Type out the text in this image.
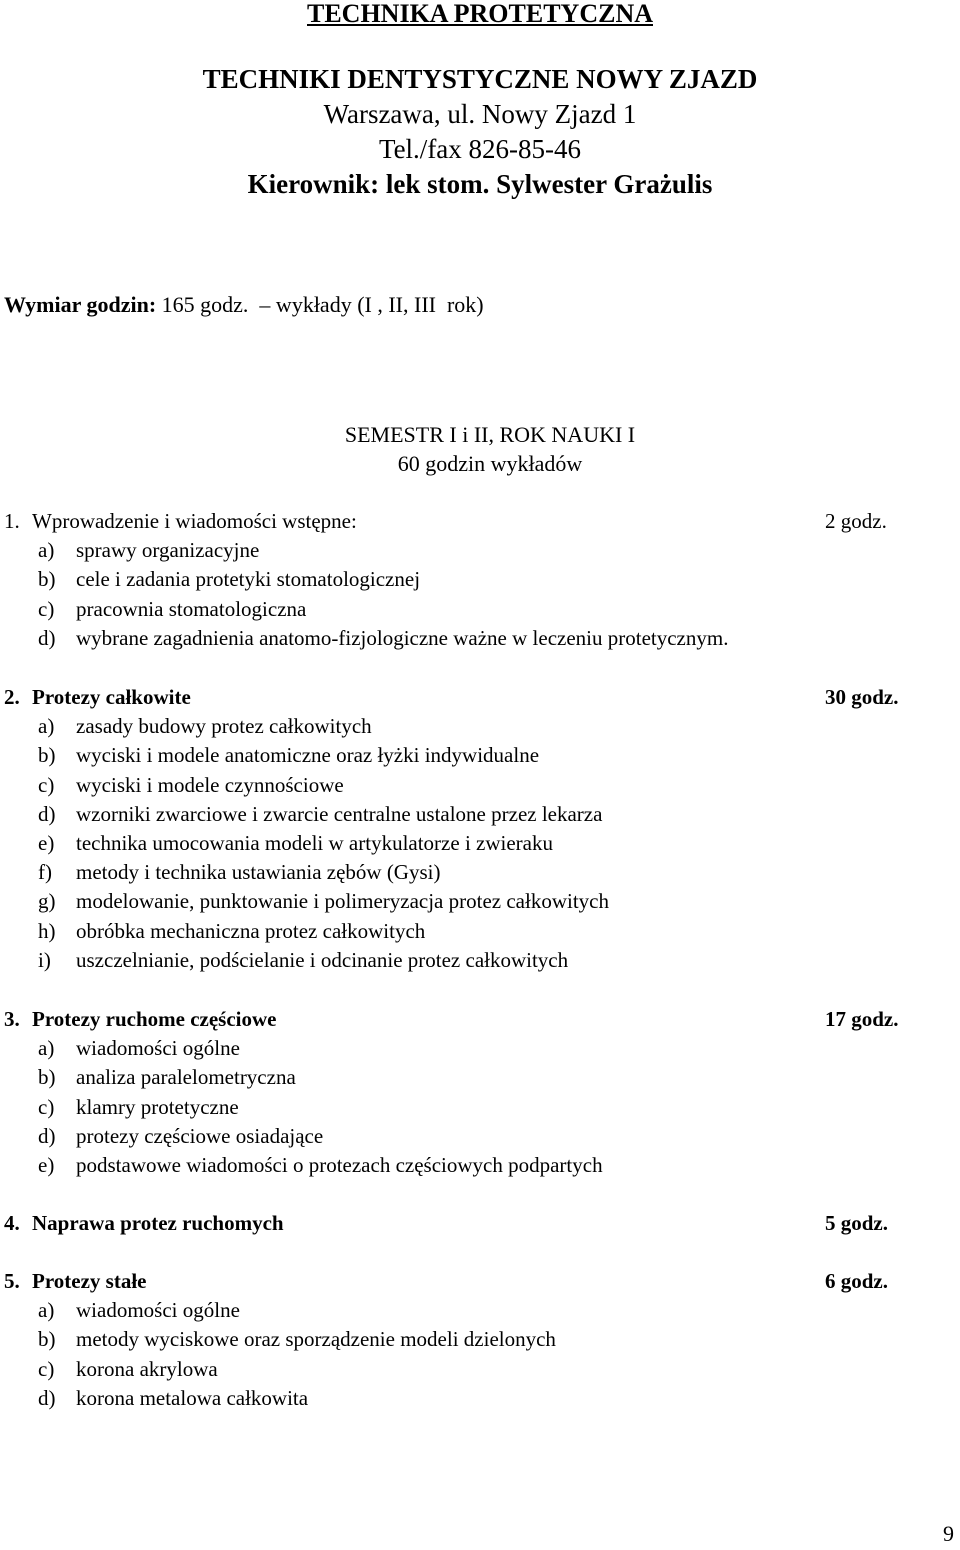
TECHNIKA PROTETYCZNA
TECHNIKI DENTYSTYCZNE NOWY ZJAZD
Warszawa, ul. Nowy Zjazd 1
Tel./fax 826-85-46
Kierownik: lek stom. Sylwester Grażulis
Wymiar godzin: 165 godz.  – wykłady (I , II, III  rok)
SEMESTR I i II, ROK NAUKI I
60 godzin wykładów
1. Wprowadzenie i wiadomości wstępne:	2 godz.
a) sprawy organizacyjne
b) cele i zadania protetyki stomatologicznej
c) pracownia stomatologiczna
d) wybrane zagadnienia anatomo-fizjologiczne ważne w leczeniu protetycznym.
2. Protezy całkowite	30 godz.
a) zasady budowy protez całkowitych
b) wyciski i modele anatomiczne oraz łyżki indywidualne
c) wyciski i modele czynnościowe
d) wzorniki zwarciowe i zwarcie centralne ustalone przez lekarza
e) technika umocowania modeli w artykulatorze i zwieraku
f) metody i technika ustawiania zębów (Gysi)
g) modelowanie, punktowanie i polimeryzacja protez całkowitych
h) obróbka mechaniczna protez całkowitych
i) uszczelnianie, podścielanie i odcinanie protez całkowitych
3. Protezy ruchome częściowe	17 godz.
a) wiadomości ogólne
b) analiza paralelometryczna
c) klamry protetyczne
d) protezy częściowe osiadające
e) podstawowe wiadomości o protezach częściowych podpartych
4. Naprawa protez ruchomych	5 godz.
5. Protezy stałe	6 godz.
a) wiadomości ogólne
b) metody wyciskowe oraz sporządzenie modeli dzielonych
c) korona akrylowa
d) korona metalowa całkowita
9
